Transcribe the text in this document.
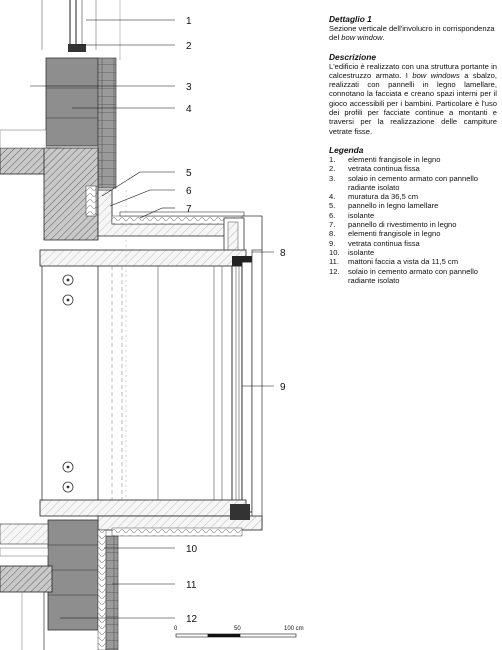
1
2
3
4
5
6
7
8
9
10
11
12
0	50	100 cm
Dettaglio 1

Sezione verticale dell'involucro in corrispondenza del bow window.

Descrizione

L'edificio è realizzato con una struttura portante in calcestruzzo armato. I bow windows a sbalzo, realizzati con pannelli in legno lamellare, connotano la facciata e creano spazi interni per il gioco accessibili per i bambini. Particolare è l'uso dei profili per facciate continue a montanti e traversi per la realizzazione delle campiture vetrate fisse.

Legenda
1. elementi frangisole in legno
2. vetrata continua fissa
3. solaio in cemento armato con pannello radiante isolato
4. muratura da 36,5 cm
5. pannello in legno lamellare
6. isolante
7. pannello di rivestimento in legno
8. elementi frangisole in legno
9. vetrata continua fissa
10. isolante
11. mattoni faccia a vista da 11,5 cm
12. solaio in cemento armato con pannello radiante isolato
